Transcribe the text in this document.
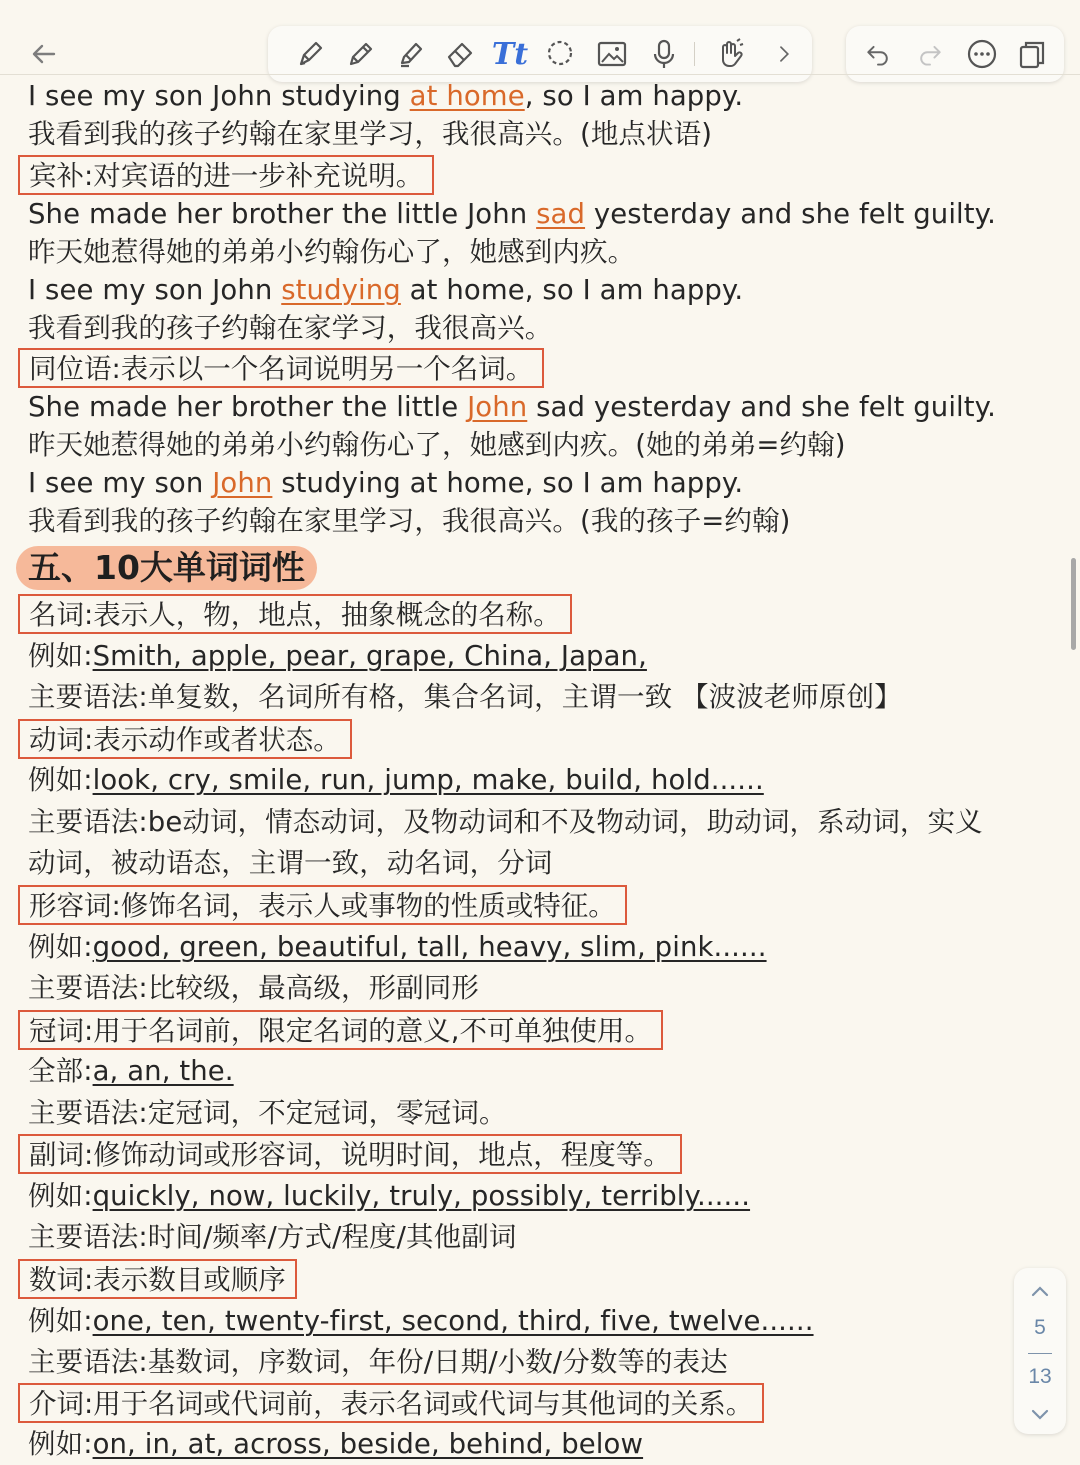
Tt
I see my son John studying at home, so I am happy.
我看到我的孩子约翰在家里学习，我很高兴。(地点状语)
宾补:对宾语的进一步补充说明。
She made her brother the little John sad yesterday and she felt guilty.
昨天她惹得她的弟弟小约翰伤心了，她感到内疚。
I see my son John studying at home, so I am happy.
我看到我的孩子约翰在家学习，我很高兴。
同位语:表示以一个名词说明另一个名词。
She made her brother the little John sad yesterday and she felt guilty.
昨天她惹得她的弟弟小约翰伤心了，她感到内疚。(她的弟弟=约翰)
I see my son John studying at home, so I am happy.
我看到我的孩子约翰在家里学习，我很高兴。(我的孩子=约翰)
五、10大单词词性
名词:表示人，物，地点，抽象概念的名称。
例如:Smith, apple, pear, grape, China, Japan,
主要语法:单复数，名词所有格，集合名词，主谓一致 【波波老师原创】
动词:表示动作或者状态。
例如:look, cry, smile, run, jump, make, build, hold......
主要语法:be动词，情态动词，及物动词和不及物动词，助动词，系动词，实义
动词，被动语态，主谓一致，动名词，分词
形容词:修饰名词，表示人或事物的性质或特征。
例如:good, green, beautiful, tall, heavy, slim, pink......
主要语法:比较级，最高级，形副同形
冠词:用于名词前，限定名词的意义,不可单独使用。
全部:a, an, the.
主要语法:定冠词，不定冠词，零冠词。
副词:修饰动词或形容词，说明时间，地点，程度等。
例如:quickly, now, luckily, truly, possibly, terribly......
主要语法:时间/频率/方式/程度/其他副词
数词:表示数目或顺序
例如:one, ten, twenty-first, second, third, five, twelve......
主要语法:基数词，序数词，年份/日期/小数/分数等的表达
介词:用于名词或代词前，表示名词或代词与其他词的关系。
例如:on, in, at, across, beside, behind, below
5
13
